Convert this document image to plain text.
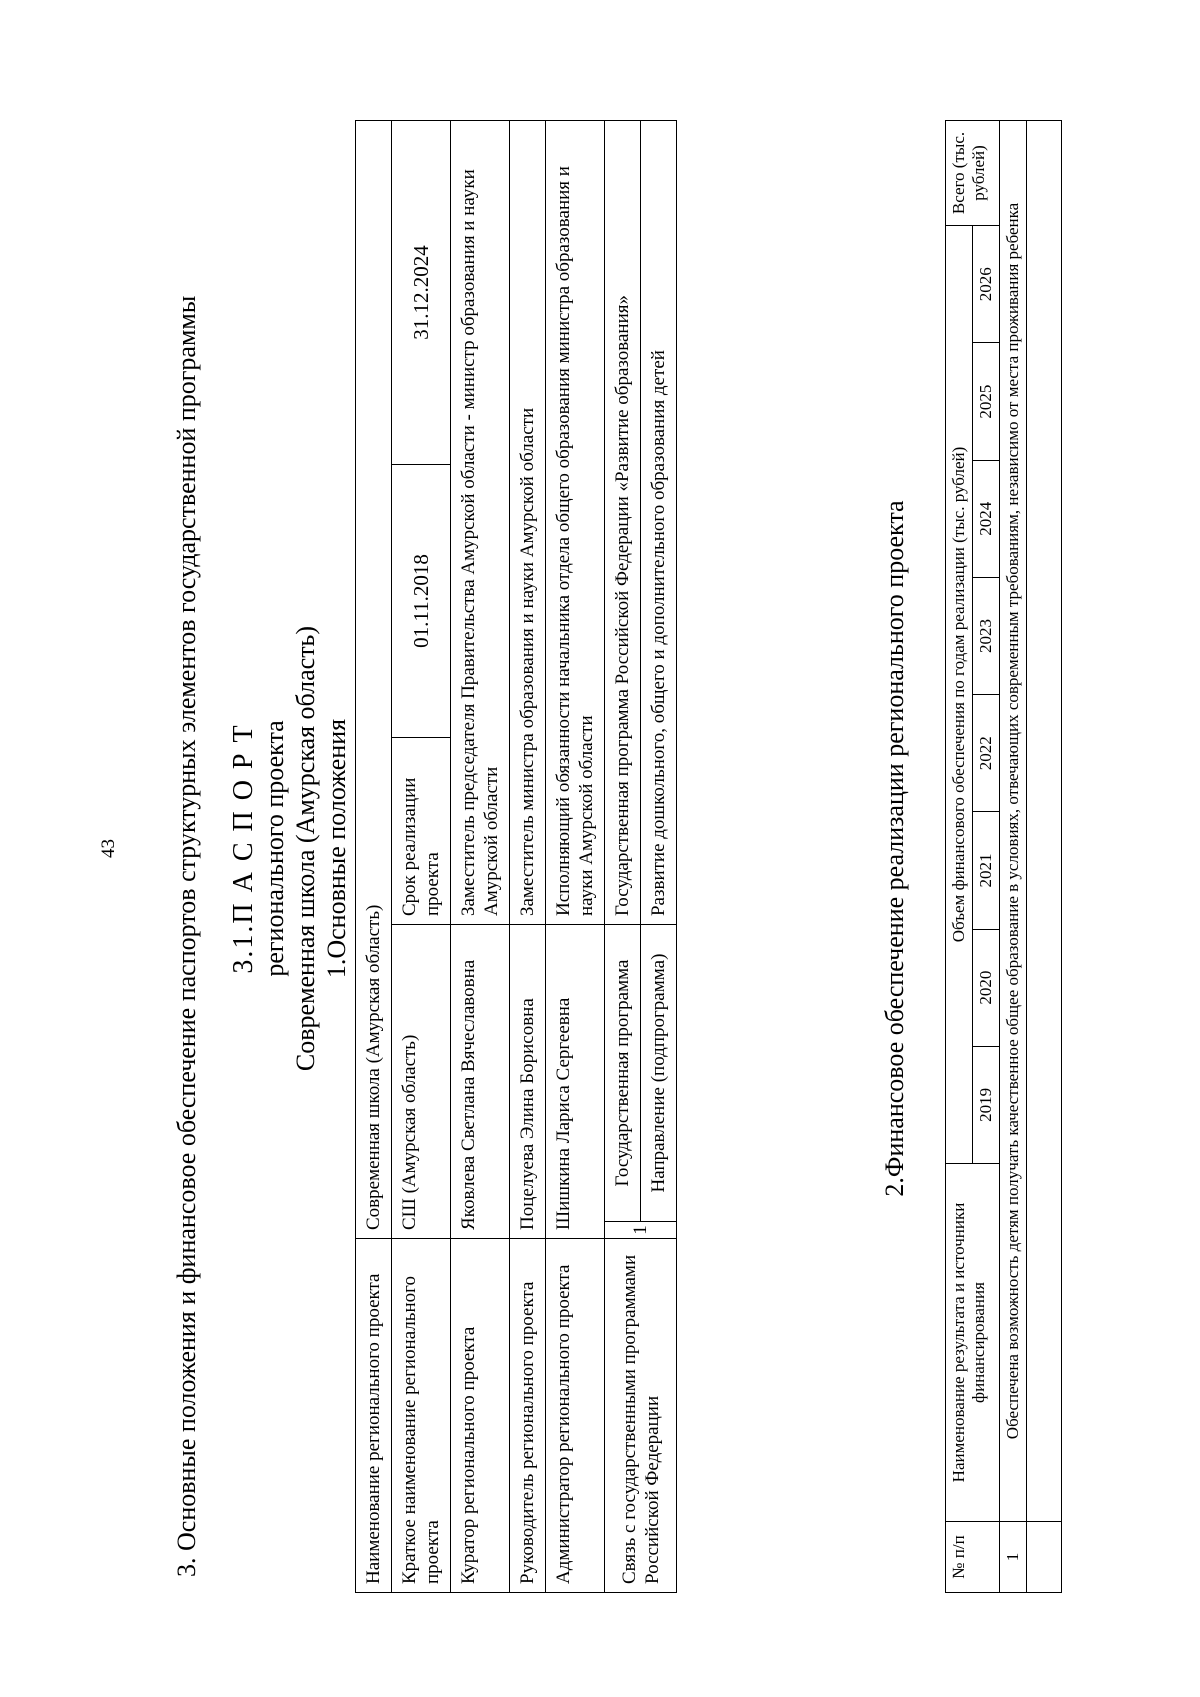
43 3. Основные положения и финансовое обеспечение паспортов структурных элементов государственной программы 3.1.П А С П О Р Т регионального проекта Современная школа (Амурская область) 1.Основные положения
Наименование регионального проекта	Современная школа (Амурская область)				
Краткое наименование регионального проекта	СШ (Амурская область)		Срок реализации проекта	01.11.2018	31.12.2024
Куратор регионального проекта	Яковлева Светлана Вячеславовна		Заместитель председателя Правительства Амурской области - министр образования и науки Амурской области		
Руководитель регионального проекта	Поцелуева Элина Борисовна		Заместитель министра образования и науки Амурской области		
Администратор регионального проекта	Шишкина Лариса Сергеевна		Исполняющий обязанности начальника отдела общего образования министра образования и науки Амурской области		
Связь с государственными программами Российской Федерации	1	Государственная программа	Государственная программа Российской Федерации «Развитие образования»		
		Направление (подпрограмма)	Развитие дошкольного, общего и дополнительного образования детей			2.Финансовое обеспечение реализации регионального проекта
№ п/п	Наименование результата и источники финансирования	Объем финансового обеспечения по годам реализации (тыс. рублей)								Всего (тыс. рублей)
		2019	2020	2021	2022	2023	2024	2025	2026	
1	Обеспечена возможность детям получать качественное общее образование в условиях, отвечающих современным требованиям, независимо от места проживания ребенка									
